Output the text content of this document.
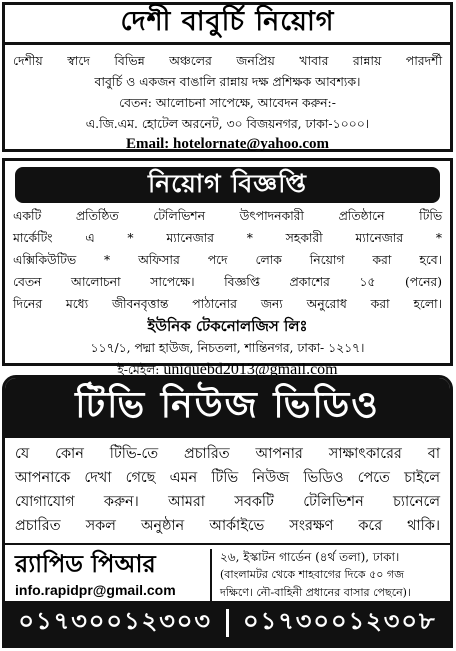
দেশী বাবুর্চি নিয়োগ
দেশীয় স্বাদে বিভিন্ন অঞ্চলের জনপ্রিয় খাবার রান্নায় পারদর্শী
বাবুর্চি ও একজন বাঙালি রান্নায় দক্ষ প্রশিক্ষক আবশ্যক।
বেতন: আলোচনা সাপেক্ষে, আবেদন করুন:-
এ.জি.এম. হোটেল অরনেট, ৩০ বিজয়নগর, ঢাকা-১০০০।
Email: hotelornate@yahoo.com
নিয়োগ বিজ্ঞপ্তি
একটি প্রতিষ্ঠিত টেলিভিশন উৎপাদনকারী প্রতিষ্ঠানে টিভি
মার্কেটিং এ * ম্যানেজার * সহকারী ম্যানেজার *
এক্সিকিউটিভ * অফিসার পদে লোক নিয়োগ করা হবে।
বেতন আলোচনা সাপেক্ষে। বিজ্ঞপ্তি প্রকাশের ১৫ (পনের)
দিনের মধ্যে জীবনবৃত্তান্ত পাঠানোর জন্য অনুরোধ করা হলো।
ইউনিক টেকনোলজিস লিঃ
১১৭/১, পদ্মা হাউজ, নিচতলা, শান্তিনগর, ঢাকা- ১২১৭।
ই-মেইল: uniquebd2013@gmail.com
টিভি নিউজ ভিডিও
যে কোন টিভি-তে প্রচারিত আপনার সাক্ষাৎকারের বা
আপনাকে দেখা গেছে এমন টিভি নিউজ ভিডিও পেতে চাইলে
যোগাযোগ করুন। আমরা সবকটি টেলিভিশন চ্যানেলে
প্রচারিত সকল অনুষ্ঠান আর্কাইভে সংরক্ষণ করে থাকি।
র‍্যাপিড পিআর
info.rapidpr@gmail.com
২৬, ইস্কাটন গার্ডেন (৪র্থ তলা), ঢাকা।
(বাংলামটর থেকে শাহবাগের দিকে ৫০ গজ
দক্ষিণে। নৌ-বাহিনী প্রধানের বাসার পেছনে)।
০১৭৩০০১২৩০৩ ০১৭৩০০১২৩০৮
